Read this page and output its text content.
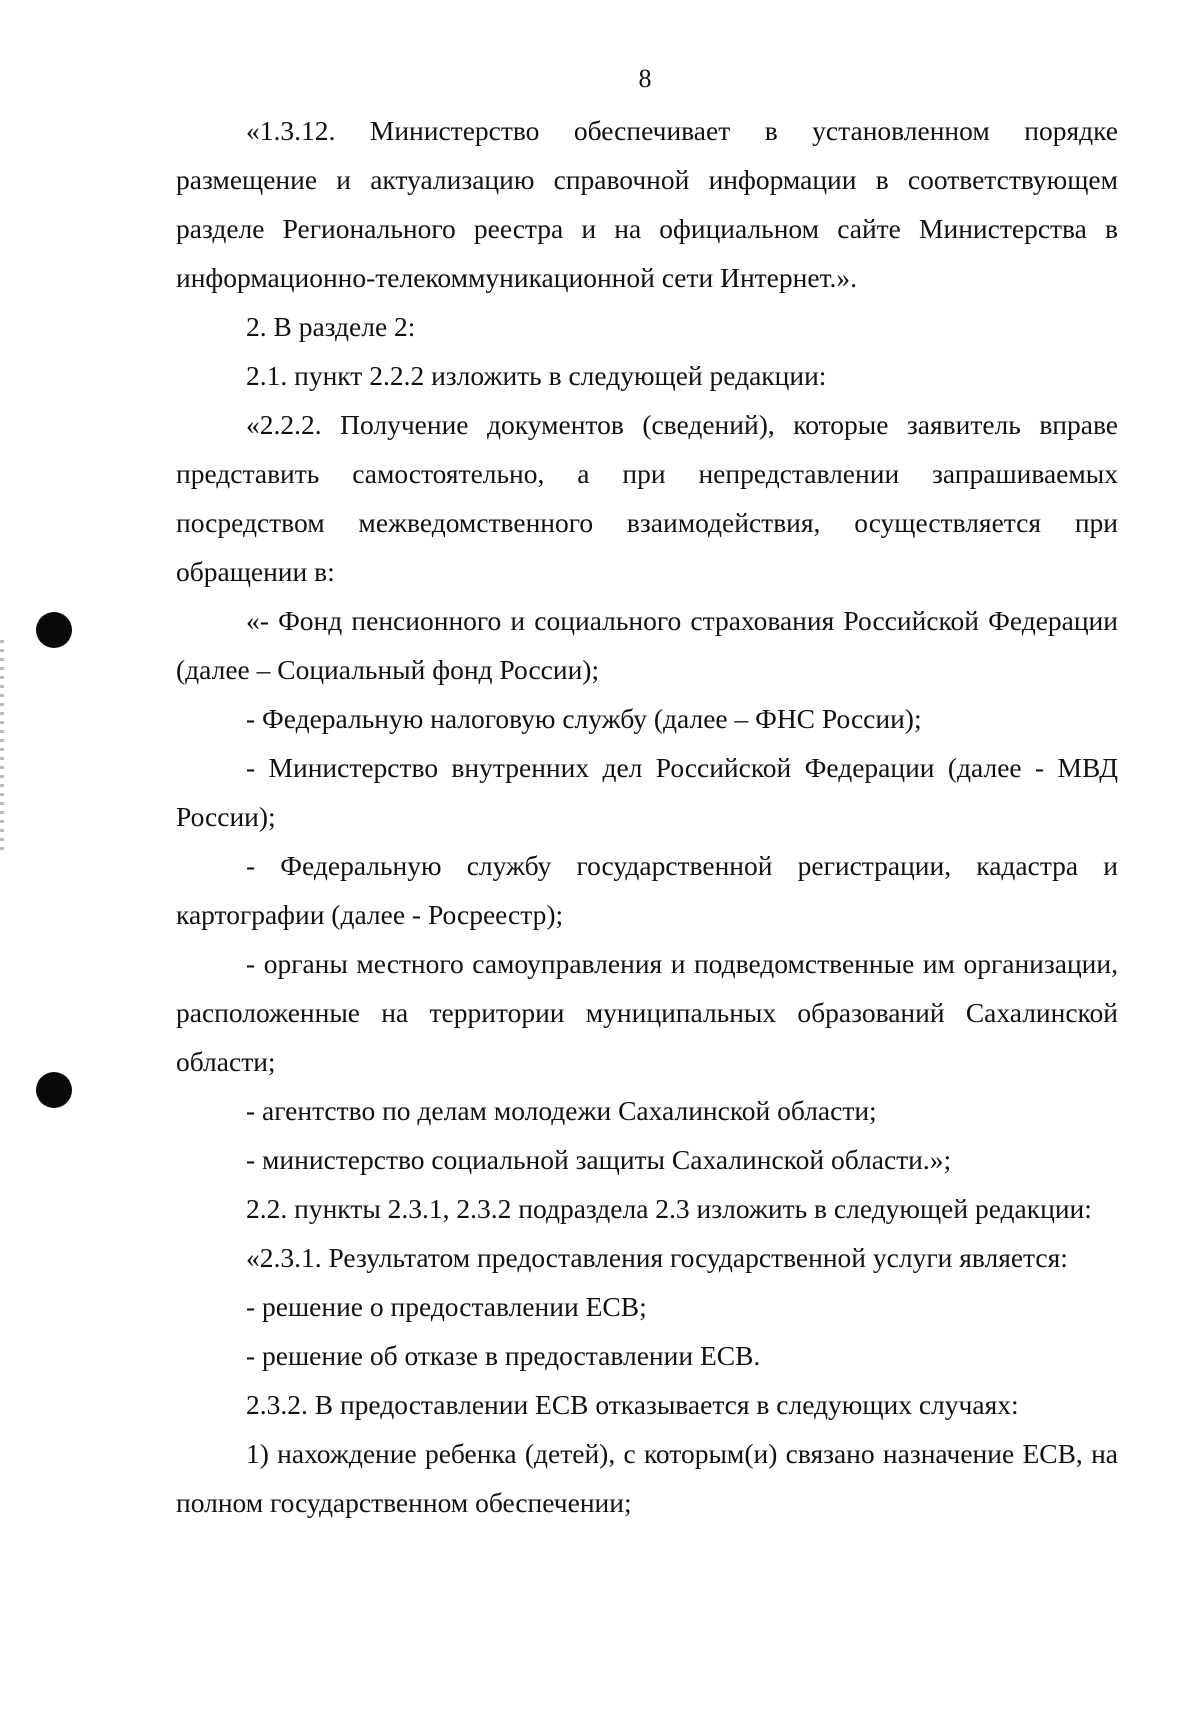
8

«1.3.12. Министерство обеспечивает в установленном порядке размещение и актуализацию справочной информации в соответствующем разделе Регионального реестра и на официальном сайте Министерства в информационно-телекоммуникационной сети Интернет.».

2. В разделе 2:

2.1. пункт 2.2.2 изложить в следующей редакции:

«2.2.2. Получение документов (сведений), которые заявитель вправе представить самостоятельно, а при непредставлении запрашиваемых посредством межведомственного взаимодействия, осуществляется при обращении в:

«- Фонд пенсионного и социального страхования Российской Федерации (далее – Социальный фонд России);

- Федеральную налоговую службу (далее – ФНС России);

- Министерство внутренних дел Российской Федерации (далее - МВД России);

- Федеральную службу государственной регистрации, кадастра и картографии (далее - Росреестр);

- органы местного самоуправления и подведомственные им организации, расположенные на территории муниципальных образований Сахалинской области;

- агентство по делам молодежи Сахалинской области;

- министерство социальной защиты Сахалинской области.»;

2.2. пункты 2.3.1, 2.3.2 подраздела 2.3 изложить в следующей редакции:

«2.3.1. Результатом предоставления государственной услуги является:

- решение о предоставлении ЕСВ;

- решение об отказе в предоставлении ЕСВ.

2.3.2. В предоставлении ЕСВ отказывается в следующих случаях:

1) нахождение ребенка (детей), с которым(и) связано назначение ЕСВ, на полном государственном обеспечении;
